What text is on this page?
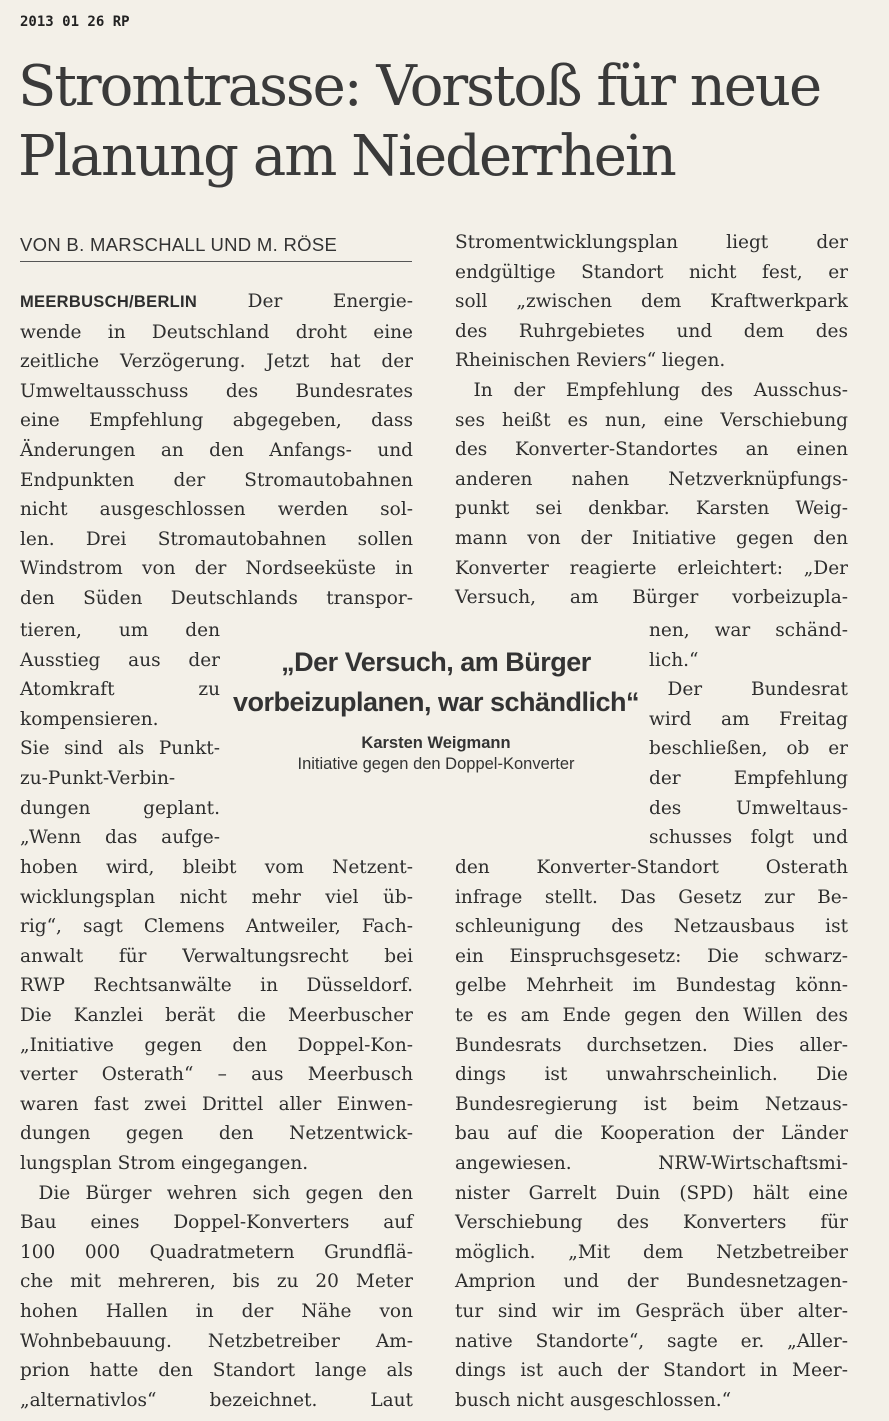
2013 01 26 RP
Stromtrasse: Vorstoß für neue Planung am Niederrhein
VON B. MARSCHALL UND M. RÖSE
MEERBUSCH/BERLIN Der Energie-
wende in Deutschland droht eine
zeitliche Verzögerung. Jetzt hat der
Umweltausschuss des Bundesrates
eine Empfehlung abgegeben, dass
Änderungen an den Anfangs- und
Endpunkten der Stromautobahnen
nicht ausgeschlossen werden sol-
len. Drei Stromautobahnen sollen
Windstrom von der Nordseeküste in
den Süden Deutschlands transpor-
tieren, um den
Ausstieg aus der
Atomkraft zu
kompensieren.
Sie sind als Punkt-
zu-Punkt-Verbin-
dungen geplant.
„Wenn das aufge-
hoben wird, bleibt vom Netzent-
wicklungsplan nicht mehr viel üb-
rig“, sagt Clemens Antweiler, Fach-
anwalt für Verwaltungsrecht bei
RWP Rechtsanwälte in Düsseldorf.
Die Kanzlei berät die Meerbuscher
„Initiative gegen den Doppel-Kon-
verter Osterath“ – aus Meerbusch
waren fast zwei Drittel aller Einwen-
dungen gegen den Netzentwick-
lungsplan Strom eingegangen.
Die Bürger wehren sich gegen den
Bau eines Doppel-Konverters auf
100 000 Quadratmetern Grundflä-
che mit mehreren, bis zu 20 Meter
hohen Hallen in der Nähe von
Wohnbebauung. Netzbetreiber Am-
prion hatte den Standort lange als
„alternativlos“ bezeichnet. Laut
Stromentwicklungsplan liegt der
endgültige Standort nicht fest, er
soll „zwischen dem Kraftwerkpark
des Ruhrgebietes und dem des
Rheinischen Reviers“ liegen.
In der Empfehlung des Ausschus-
ses heißt es nun, eine Verschiebung
des Konverter-Standortes an einen
anderen nahen Netzverknüpfungs-
punkt sei denkbar. Karsten Weig-
mann von der Initiative gegen den
Konverter reagierte erleichtert: „Der
Versuch, am Bürger vorbeizupla-
nen, war schänd-
lich.“
Der Bundesrat
wird am Freitag
beschließen, ob er
der Empfehlung
des Umweltaus-
schusses folgt und
den Konverter-Standort Osterath
infrage stellt. Das Gesetz zur Be-
schleunigung des Netzausbaus ist
ein Einspruchsgesetz: Die schwarz-
gelbe Mehrheit im Bundestag könn-
te es am Ende gegen den Willen des
Bundesrats durchsetzen. Dies aller-
dings ist unwahrscheinlich. Die
Bundesregierung ist beim Netzaus-
bau auf die Kooperation der Länder
angewiesen. NRW-Wirtschaftsmi-
nister Garrelt Duin (SPD) hält eine
Verschiebung des Konverters für
möglich. „Mit dem Netzbetreiber
Amprion und der Bundesnetzagen-
tur sind wir im Gespräch über alter-
native Standorte“, sagte er. „Aller-
dings ist auch der Standort in Meer-
busch nicht ausgeschlossen.“
„Der Versuch, am Bürger vorbeizuplanen, war schändlich“
Karsten Weigmann
Initiative gegen den Doppel-Konverter
